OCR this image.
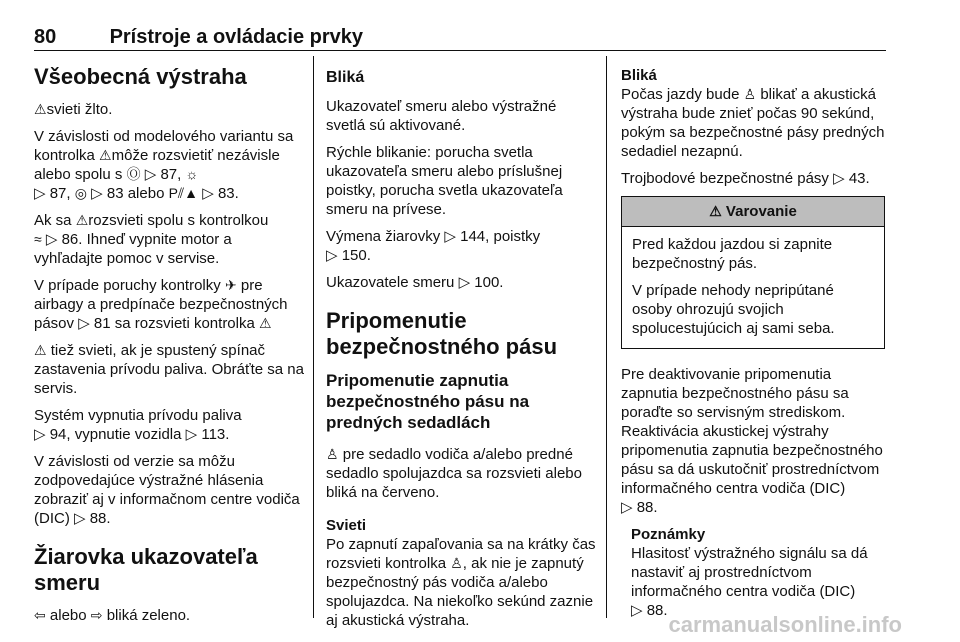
80	Prístroje a ovládacie prvky
Všeobecná výstraha

⚠svieti žlto.

V závislosti od modelového variantu sa kontrolka ⚠môže rozsvietiť nezávisle alebo spolu s Ⓞ ▷ 87, ☼
▷ 87, ◎ ▷ 83 alebo P⫽▲ ▷ 83.

Ak sa ⚠rozsvieti spolu s kontrolkou
≈ ▷ 86. Ihneď vypnite motor a vyhľadajte pomoc v servise.

V prípade poruchy kontrolky ✈ pre airbagy a predpínače bezpečnostných pásov ▷ 81 sa rozsvieti kontrolka ⚠

⚠ tiež svieti, ak je spustený spínač zastavenia prívodu paliva. Obráťte sa na servis.

Systém vypnutia prívodu paliva
▷ 94, vypnutie vozidla ▷ 113.

V závislosti od verzie sa môžu zodpovedajúce výstražné hlásenia zobraziť aj v informačnom centre vodiča (DIC) ▷ 88.

Žiarovka ukazovateľa smeru

⇦ alebo ⇨ bliká zeleno.

Bliká

Ukazovateľ smeru alebo výstražné svetlá sú aktivované.

Rýchle blikanie: porucha svetla ukazovateľa smeru alebo príslušnej poistky, porucha svetla ukazovateľa smeru na prívese.

Výmena žiarovky ▷ 144, poistky
▷ 150.

Ukazovatele smeru ▷ 100.

Pripomenutie bezpečnostného pásu
Pripomenutie zapnutia bezpečnostného pásu na predných sedadlách

♙ pre sedadlo vodiča a/alebo predné sedadlo spolujazdca sa rozsvieti alebo bliká na červeno.

Svieti

Po zapnutí zapaľovania sa na krátky čas rozsvieti kontrolka ♙, ak nie je zapnutý bezpečnostný pás vodiča a/alebo spolujazdca. Na niekoľko sekúnd zaznie aj akustická výstraha.

Bliká

Počas jazdy bude ♙ blikať a akustická výstraha bude znieť počas 90 sekúnd, pokým sa bezpečnostné pásy predných sedadiel nezapnú.

Trojbodové bezpečnostné pásy ▷ 43.

⚠ Varovanie

Pred každou jazdou si zapnite bezpečnostný pás.

V prípade nehody nepripútané osoby ohrozujú svojich spolucestujúcich aj sami seba.

Pre deaktivovanie pripomenutia zapnutia bezpečnostného pásu sa poraďte so servisným strediskom. Reaktivácia akustickej výstrahy pripomenutia zapnutia bezpečnostného pásu sa dá uskutočniť prostredníctvom informačného centra vodiča (DIC)
▷ 88.

Poznámky

Hlasitosť výstražného signálu sa dá nastaviť aj prostredníctvom informačného centra vodiča (DIC)
▷ 88.

carmanualsonline.info
